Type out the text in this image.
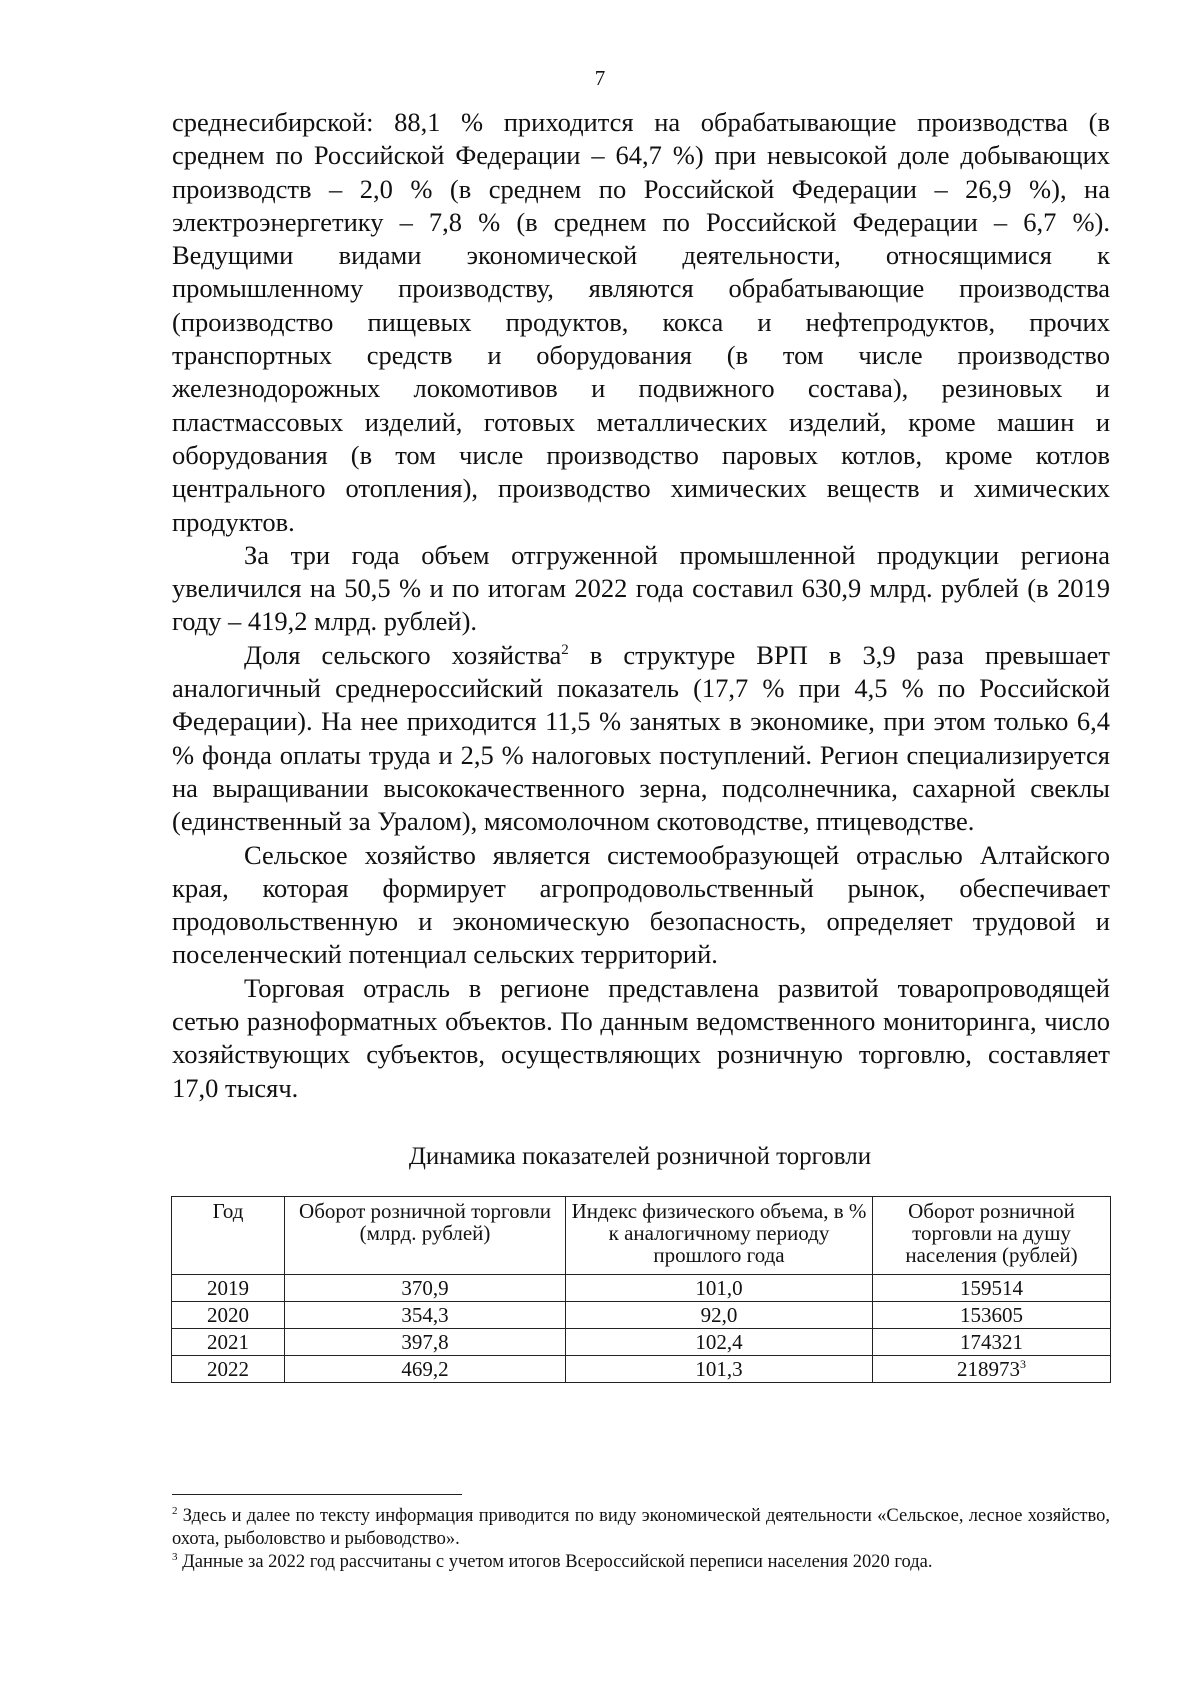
7

среднесибирской: 88,1 % приходится на обрабатывающие производства (в среднем по Российской Федерации – 64,7 %) при невысокой доле добывающих производств – 2,0 % (в среднем по Российской Федерации – 26,9 %), на электроэнергетику – 7,8 % (в среднем по Российской Федерации – 6,7 %). Ведущими видами экономической деятельности, относящимися к промышленному производству, являются обрабатывающие производства (производство пищевых продуктов, кокса и нефтепродуктов, прочих транспортных средств и оборудования (в том числе производство железнодорожных локомотивов и подвижного состава), резиновых и пластмассовых изделий, готовых металлических изделий, кроме машин и оборудования (в том числе производство паровых котлов, кроме котлов центрального отопления), производство химических веществ и химических продуктов.

За три года объем отгруженной промышленной продукции региона увеличился на 50,5 % и по итогам 2022 года составил 630,9 млрд. рублей (в 2019 году – 419,2 млрд. рублей).

Доля сельского хозяйства$^2$ в структуре ВРП в 3,9 раза превышает аналогичный среднероссийский показатель (17,7 % при 4,5 % по Российской Федерации). На нее приходится 11,5 % занятых в экономике, при этом только 6,4 % фонда оплаты труда и 2,5 % налоговых поступлений. Регион специализируется на выращивании высококачественного зерна, подсолнечника, сахарной свеклы (единственный за Уралом), мясомолочном скотоводстве, птицеводстве.

Сельское хозяйство является системообразующей отраслью Алтайского края, которая формирует агропродовольственный рынок, обеспечивает продовольственную и экономическую безопасность, определяет трудовой и поселенческий потенциал сельских территорий.

Торговая отрасль в регионе представлена развитой товаропроводящей сетью разноформатных объектов. По данным ведомственного мониторинга, число хозяйствующих субъектов, осуществляющих розничную торговлю, составляет 17,0 тысяч.

Динамика показателей розничной торговли
Год	Оборот розничной торговли (млрд. рублей)	Индекс физического объема, в % к аналогичному периоду прошлого года	Оборот розничной торговли на душу населения (рублей)
2019	370,9	101,0	159514
2020	354,3	92,0	153605
2021	397,8	102,4	174321
2022	469,2	101,3	218973$^3$

$^2$ Здесь и далее по тексту информация приводится по виду экономической деятельности «Сельское, лесное хозяйство, охота, рыболовство и рыбоводство».

$^3$ Данные за 2022 год рассчитаны с учетом итогов Всероссийской переписи населения 2020 года.
